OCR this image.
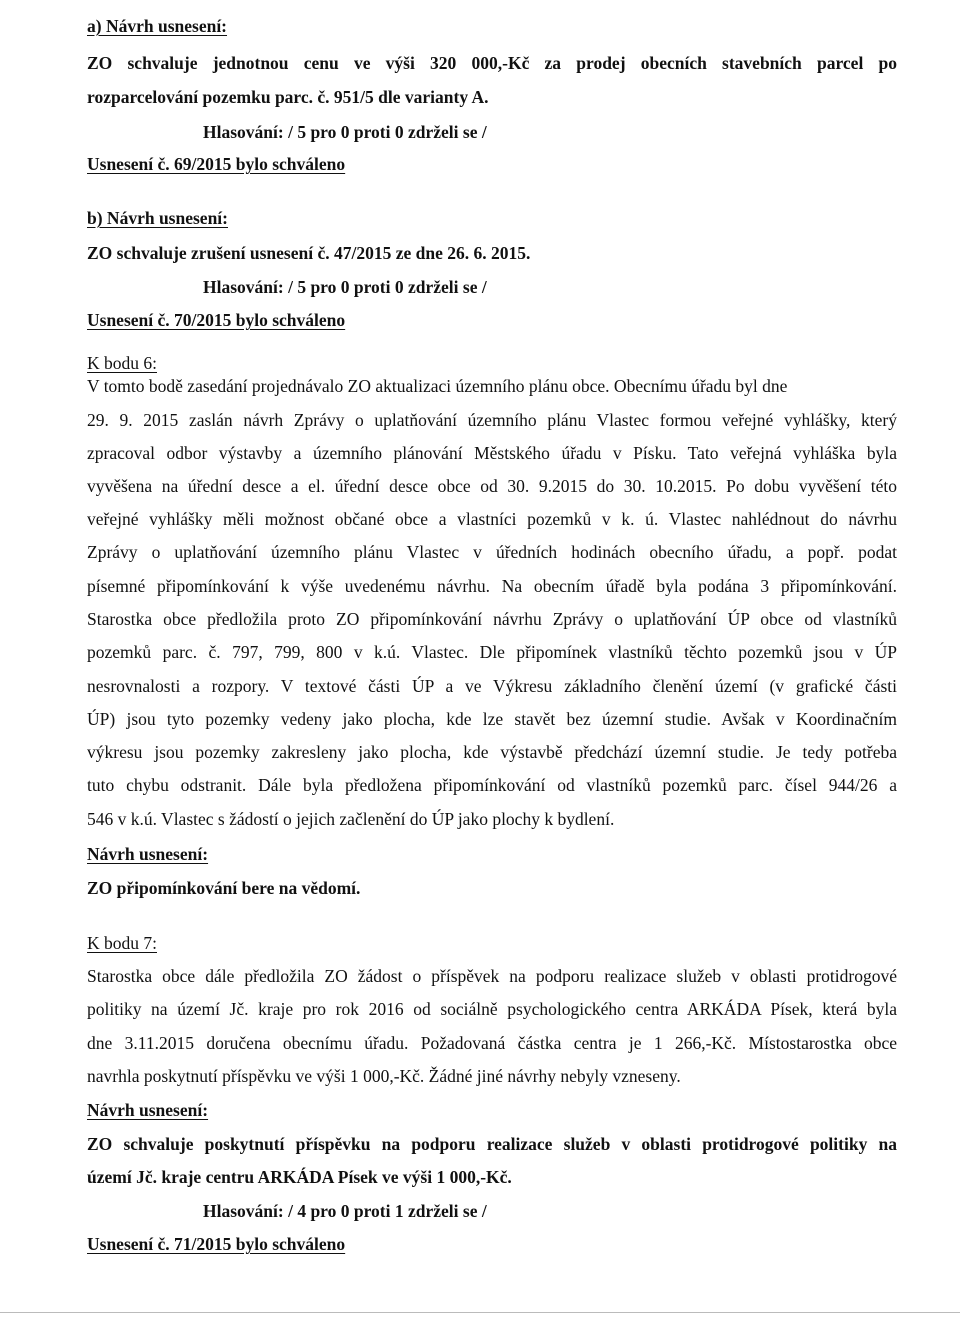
a) Návrh usnesení:
ZO schvaluje jednotnou cenu ve výši 320 000,-Kč za prodej obecních stavebních parcel po
rozparcelování pozemku parc. č. 951/5 dle varianty A.
Hlasování: / 5 pro 0 proti 0 zdrželi se /
Usnesení č. 69/2015 bylo schváleno
b) Návrh usnesení:
ZO schvaluje zrušení usnesení č. 47/2015 ze dne 26. 6. 2015.
Hlasování: / 5 pro 0 proti 0 zdrželi se /
Usnesení č. 70/2015 bylo schváleno
K bodu 6:
V tomto bodě zasedání projednávalo ZO aktualizaci územního plánu obce. Obecnímu úřadu byl dne
29. 9. 2015 zaslán návrh Zprávy o uplatňování územního plánu Vlastec formou veřejné vyhlášky, který
zpracoval odbor výstavby a územního plánování Městského úřadu v Písku. Tato veřejná vyhláška byla
vyvěšena na úřední desce a el. úřední desce obce od 30. 9.2015 do 30. 10.2015. Po dobu vyvěšení této
veřejné vyhlášky měli možnost občané obce a vlastníci pozemků v k. ú. Vlastec nahlédnout do návrhu
Zprávy o uplatňování územního plánu Vlastec v úředních hodinách obecního úřadu, a popř. podat
písemné připomínkování k výše uvedenému návrhu. Na obecním úřadě byla podána 3 připomínkování.
Starostka obce předložila proto ZO připomínkování návrhu Zprávy o uplatňování ÚP obce od vlastníků
pozemků parc. č. 797, 799, 800 v k.ú. Vlastec. Dle připomínek vlastníků těchto pozemků jsou v ÚP
nesrovnalosti a rozpory. V textové části ÚP a ve Výkresu základního členění území (v grafické části
ÚP) jsou tyto pozemky vedeny jako plocha, kde lze stavět bez územní studie. Avšak v Koordinačním
výkresu jsou pozemky zakresleny jako plocha, kde výstavbě předchází územní studie. Je tedy potřeba
tuto chybu odstranit. Dále byla předložena připomínkování od vlastníků pozemků parc. čísel 944/26 a
546 v k.ú. Vlastec s žádostí o jejich začlenění do ÚP jako plochy k bydlení.
Návrh usnesení:
ZO připomínkování bere na vědomí.
K bodu 7:
Starostka obce dále předložila ZO žádost o příspěvek na podporu realizace služeb v oblasti protidrogové
politiky na území Jč. kraje pro rok 2016 od sociálně psychologického centra ARKÁDA Písek, která byla
dne 3.11.2015 doručena obecnímu úřadu. Požadovaná částka centra je 1 266,-Kč. Místostarostka obce
navrhla poskytnutí příspěvku ve výši 1 000,-Kč. Žádné jiné návrhy nebyly vzneseny.
Návrh usnesení:
ZO schvaluje poskytnutí příspěvku na podporu realizace služeb v oblasti protidrogové politiky na
území Jč. kraje centru ARKÁDA Písek ve výši 1 000,-Kč.
Hlasování: / 4 pro 0 proti 1 zdrželi se /
Usnesení č. 71/2015 bylo schváleno
